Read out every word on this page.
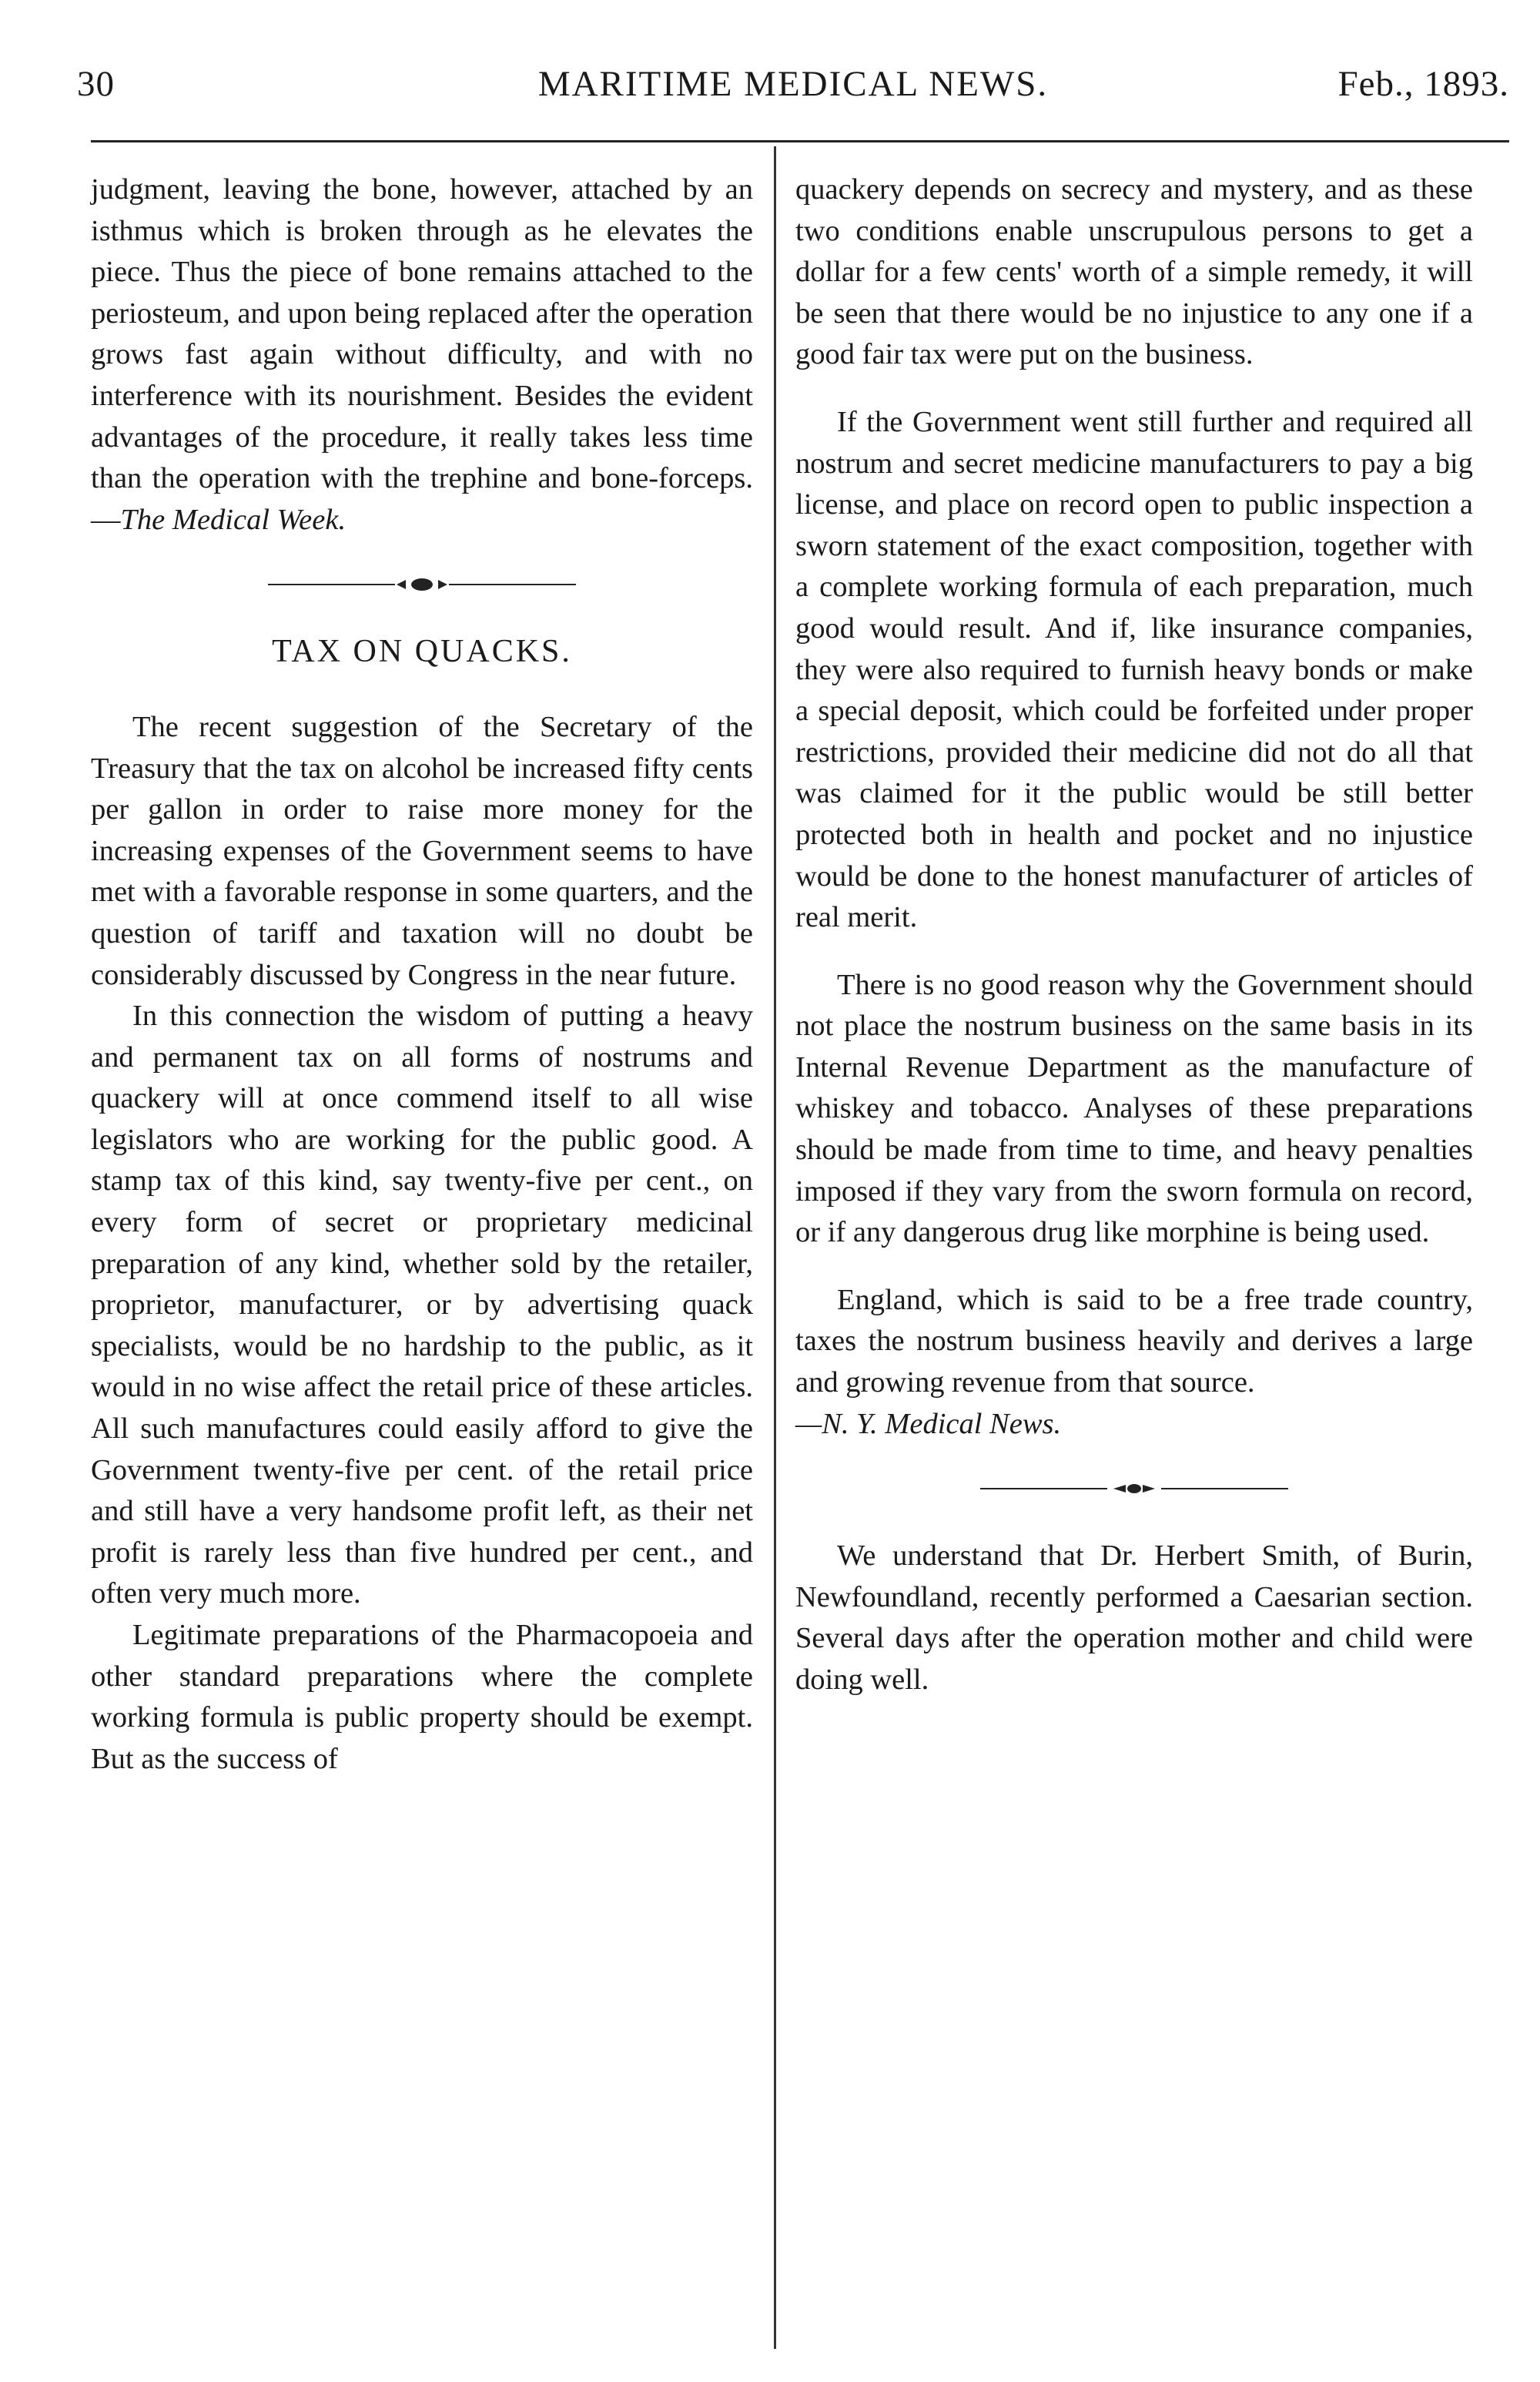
30	MARITIME MEDICAL NEWS.	Feb., 1893.

judgment, leaving the bone, however, attached by an isthmus which is broken through as he elevates the piece. Thus the piece of bone remains attached to the periosteum, and upon being replaced after the operation grows fast again without difficulty, and with no interference with its nourishment. Besides the evident advantages of the procedure, it really takes less time than the operation with the trephine and bone-forceps.—The Medical Week.

TAX ON QUACKS.

The recent suggestion of the Secretary of the Treasury that the tax on alcohol be increased fifty cents per gallon in order to raise more money for the increasing expenses of the Government seems to have met with a favorable response in some quarters, and the question of tariff and taxation will no doubt be considerably discussed by Congress in the near future.

In this connection the wisdom of putting a heavy and permanent tax on all forms of nostrums and quackery will at once commend itself to all wise legislators who are working for the public good. A stamp tax of this kind, say twenty-five per cent., on every form of secret or proprietary medicinal preparation of any kind, whether sold by the retailer, proprietor, manufacturer, or by advertising quack specialists, would be no hardship to the public, as it would in no wise affect the retail price of these articles. All such manufactures could easily afford to give the Government twenty-five per cent. of the retail price and still have a very handsome profit left, as their net profit is rarely less than five hundred per cent., and often very much more.

Legitimate preparations of the Pharmacopoeia and other standard preparations where the complete working formula is public property should be exempt. But as the success of

quackery depends on secrecy and mystery, and as these two conditions enable unscrupulous persons to get a dollar for a few cents' worth of a simple remedy, it will be seen that there would be no injustice to any one if a good fair tax were put on the business.

If the Government went still further and required all nostrum and secret medicine manufacturers to pay a big license, and place on record open to public inspection a sworn statement of the exact composition, together with a complete working formula of each preparation, much good would result. And if, like insurance companies, they were also required to furnish heavy bonds or make a special deposit, which could be forfeited under proper restrictions, provided their medicine did not do all that was claimed for it the public would be still better protected both in health and pocket and no injustice would be done to the honest manufacturer of articles of real merit.

There is no good reason why the Government should not place the nostrum business on the same basis in its Internal Revenue Department as the manufacture of whiskey and tobacco. Analyses of these preparations should be made from time to time, and heavy penalties imposed if they vary from the sworn formula on record, or if any dangerous drug like morphine is being used.

England, which is said to be a free trade country, taxes the nostrum business heavily and derives a large and growing revenue from that source.

—N. Y. Medical News.

We understand that Dr. Herbert Smith, of Burin, Newfoundland, recently performed a Caesarian section. Several days after the operation mother and child were doing well.
